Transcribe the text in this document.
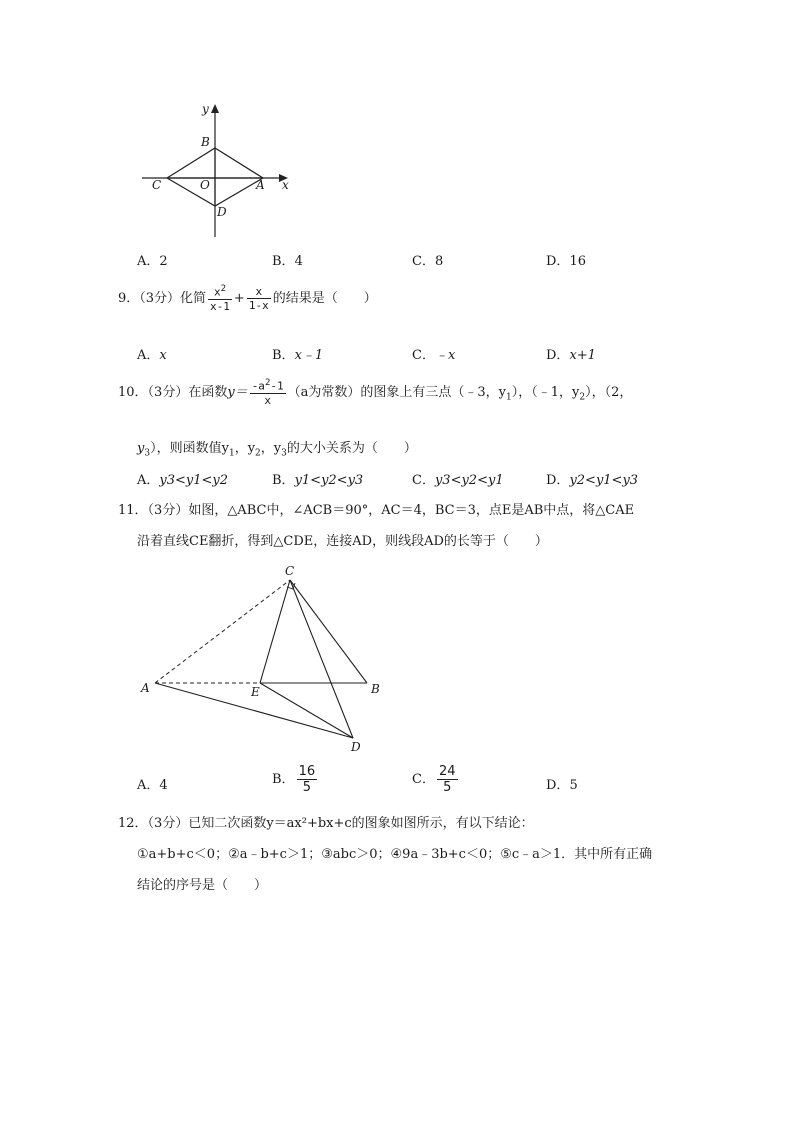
y
x
B
C	O	A
D
A．2	B．4	C．8	D．16
9．（3分）化简 $\frac{x^2}{x-1} + \frac{x}{1-x}$ 的结果是（　　）
A．x	B．x﹣1	C．﹣x	D．x+1
10．（3分）在函数$y= \frac{-a^2-1}{x} (a$为常数）的图象上有三点（﹣3，$y_1$），（﹣1，$y_2$），（2，
$y_3$），则函数值$y_1$，$y_2$，$y_3$的大小关系为（　　）
A．y3<y1<y2	B．y1<y2<y3	C．y3<y2<y1	D．y2<y1<y3
11．（3分）如图，△ABC中，∠ACB＝90°，AC＝4，BC＝3，点E是AB中点，将△CAE
沿着直线CE翻折，得到△CDE，连接AD，则线段AD的长等于（　　）
C
A	E	B
D
A．4	B． $\frac{16}{5}$	C． $\frac{24}{5}$	D．5
12．（3分）已知二次函数y＝ax²+bx+c的图象如图所示，有以下结论：
①a+b+c＜0；②a﹣b+c＞1；③abc＞0；④9a﹣3b+c＜0；⑤c﹣a＞1．其中所有正确
结论的序号是（　　）
